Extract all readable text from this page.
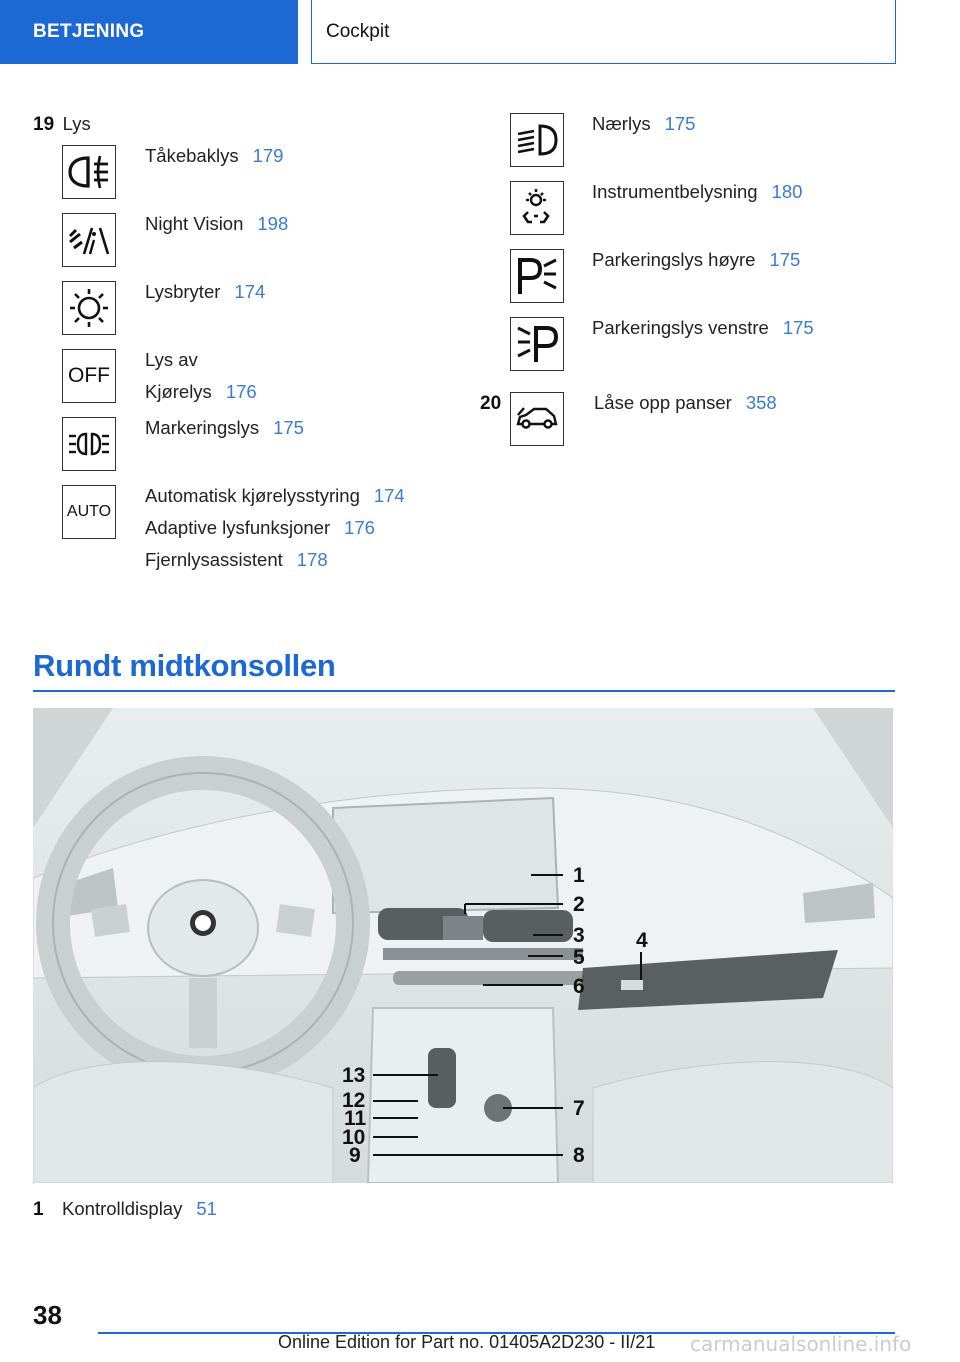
BETJENING	Cockpit
19 Lys
Tåkebaklys 179
Night Vision 198
Lysbryter 174
OFF
Lys av
Kjørelys 176
Markeringslys 175
AUTO
Automatisk kjørelysstyring 174
Adaptive lysfunksjoner 176
Fjernlysassistent 178
Nærlys 175
Instrumentbelysning 180
Parkeringslys høyre 175
Parkeringslys venstre 175
20	Låse opp panser 358
Rundt midtkonsollen
1
2
3 4
5
6
7
8
9
10
11
12
13
1 Kontrolldisplay 51
38
Online Edition for Part no. 01405A2D230 - II/21 carmanualsonline.info
